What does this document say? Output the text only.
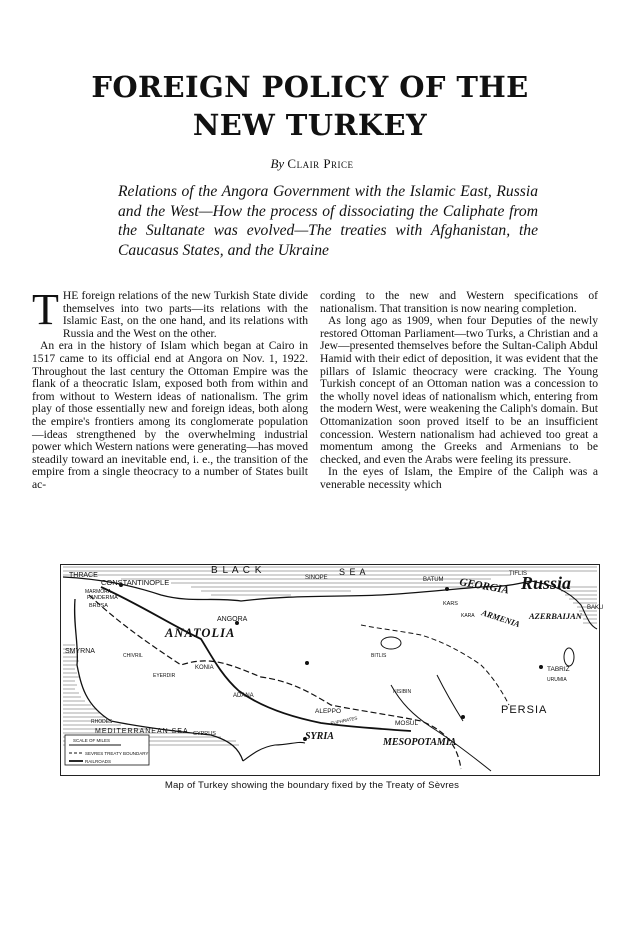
FOREIGN POLICY OF THE NEW TURKEY
By Clair Price

Relations of the Angora Government with the Islamic East, Russia and the West—How the process of dissociating the Caliphate from the Sultanate was evolved—The treaties with Afghanistan, the Caucasus States, and the Ukraine

THE foreign relations of the new Turkish State divide themselves into two parts—its relations with the Islamic East, on the one hand, and its relations with Russia and the West on the other.

An era in the history of Islam which began at Cairo in 1517 came to its official end at Angora on Nov. 1, 1922. Throughout the last century the Ottoman Empire was the flank of a theocratic Islam, exposed both from within and from without to Western ideas of nationalism. The grim play of those essentially new and foreign ideas, both along the empire's frontiers among its conglomerate population—ideas strengthened by the overwhelming industrial power which Western nations were generating—has moved steadily toward an inevitable end, i. e., the transition of the empire from a single theocracy to a number of States built ac-

cording to the new and Western specifications of nationalism. That transition is now nearing completion.

As long ago as 1909, when four Deputies of the newly restored Ottoman Parliament—two Turks, a Christian and a Jew—presented themselves before the Sultan-Caliph Abdul Hamid with their edict of deposition, it was evident that the pillars of Islamic theocracy were cracking. The Young Turkish concept of an Ottoman nation was a concession to the wholly novel ideas of nationalism which, entering from the modern West, were weakening the Caliph's domain. But Ottomanization soon proved itself to be an insufficient concession. Western nationalism had achieved too great a momentum among the Greeks and Armenians to be checked, and even the Arabs were feeling its pressure.

In the eyes of Islam, the Empire of the Caliph was a venerable necessity which

THRACE	B L A C K	S E A
CONSTANTINOPLE
MARMORA
PANDERMA
BRUSA
SINOPE	BATUM
TIFLIS
GEORGIA Russia
KARS
KARA ARMENIA AZERBAIJAN
BAKU
ANGORA
ANATOLIA
SMYRNA
CHIVRIL
KONIA
EYERDIR
ADANA
BITLIS
TABRIZ
URUMIA
NISIBIN
PERSIA
ALEPPO
EUPHRATES	MOSUL
SYRIA
MESOPOTAMIA
RHODES
MEDITERRANEAN SEA CYPRUS
SCALE OF MILES
SEVRES TREATY BOUNDARY
RAILROADS
Map of Turkey showing the boundary fixed by the Treaty of Sèvres
